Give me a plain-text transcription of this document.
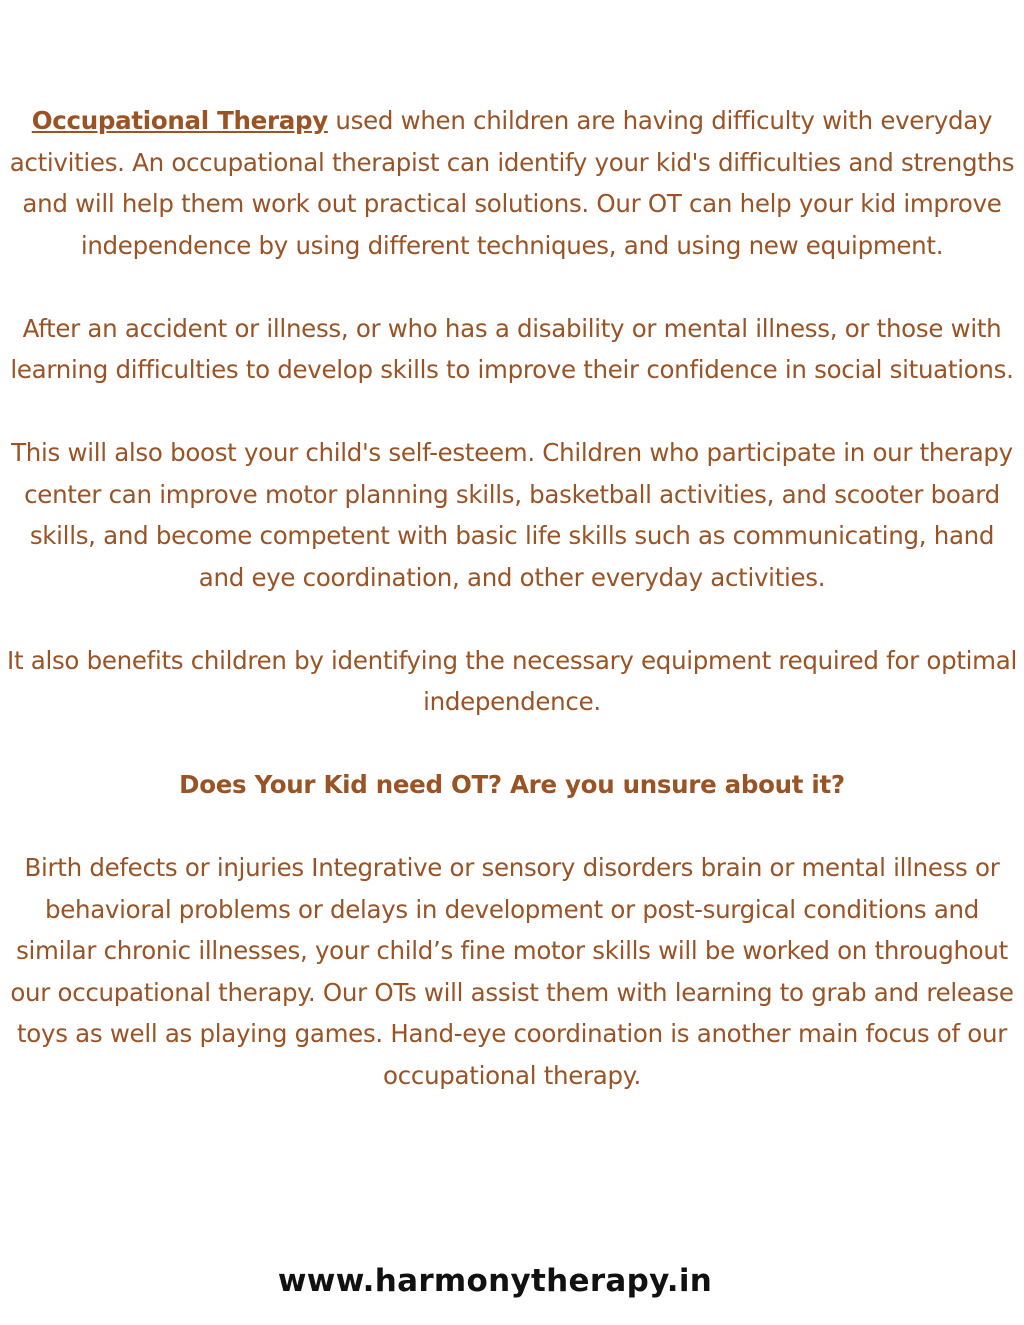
Occupational Therapy used when children are having difficulty with everyday activities. An occupational therapist can identify your kid's difficulties and strengths and will help them work out practical solutions. Our OT can help your kid improve independence by using different techniques, and using new equipment.

After an accident or illness, or who has a disability or mental illness, or those with learning difficulties to develop skills to improve their confidence in social situations.

This will also boost your child's self-esteem. Children who participate in our therapy center can improve motor planning skills, basketball activities, and scooter board skills, and become competent with basic life skills such as communicating, hand and eye coordination, and other everyday activities.

It also benefits children by identifying the necessary equipment required for optimal independence.

Does Your Kid need OT? Are you unsure about it?

Birth defects or injuries Integrative or sensory disorders brain or mental illness or behavioral problems or delays in development or post-surgical conditions and similar chronic illnesses, your child’s fine motor skills will be worked on throughout our occupational therapy. Our OTs will assist them with learning to grab and release toys as well as playing games. Hand-eye coordination is another main focus of our occupational therapy.

www.harmonytherapy.in
